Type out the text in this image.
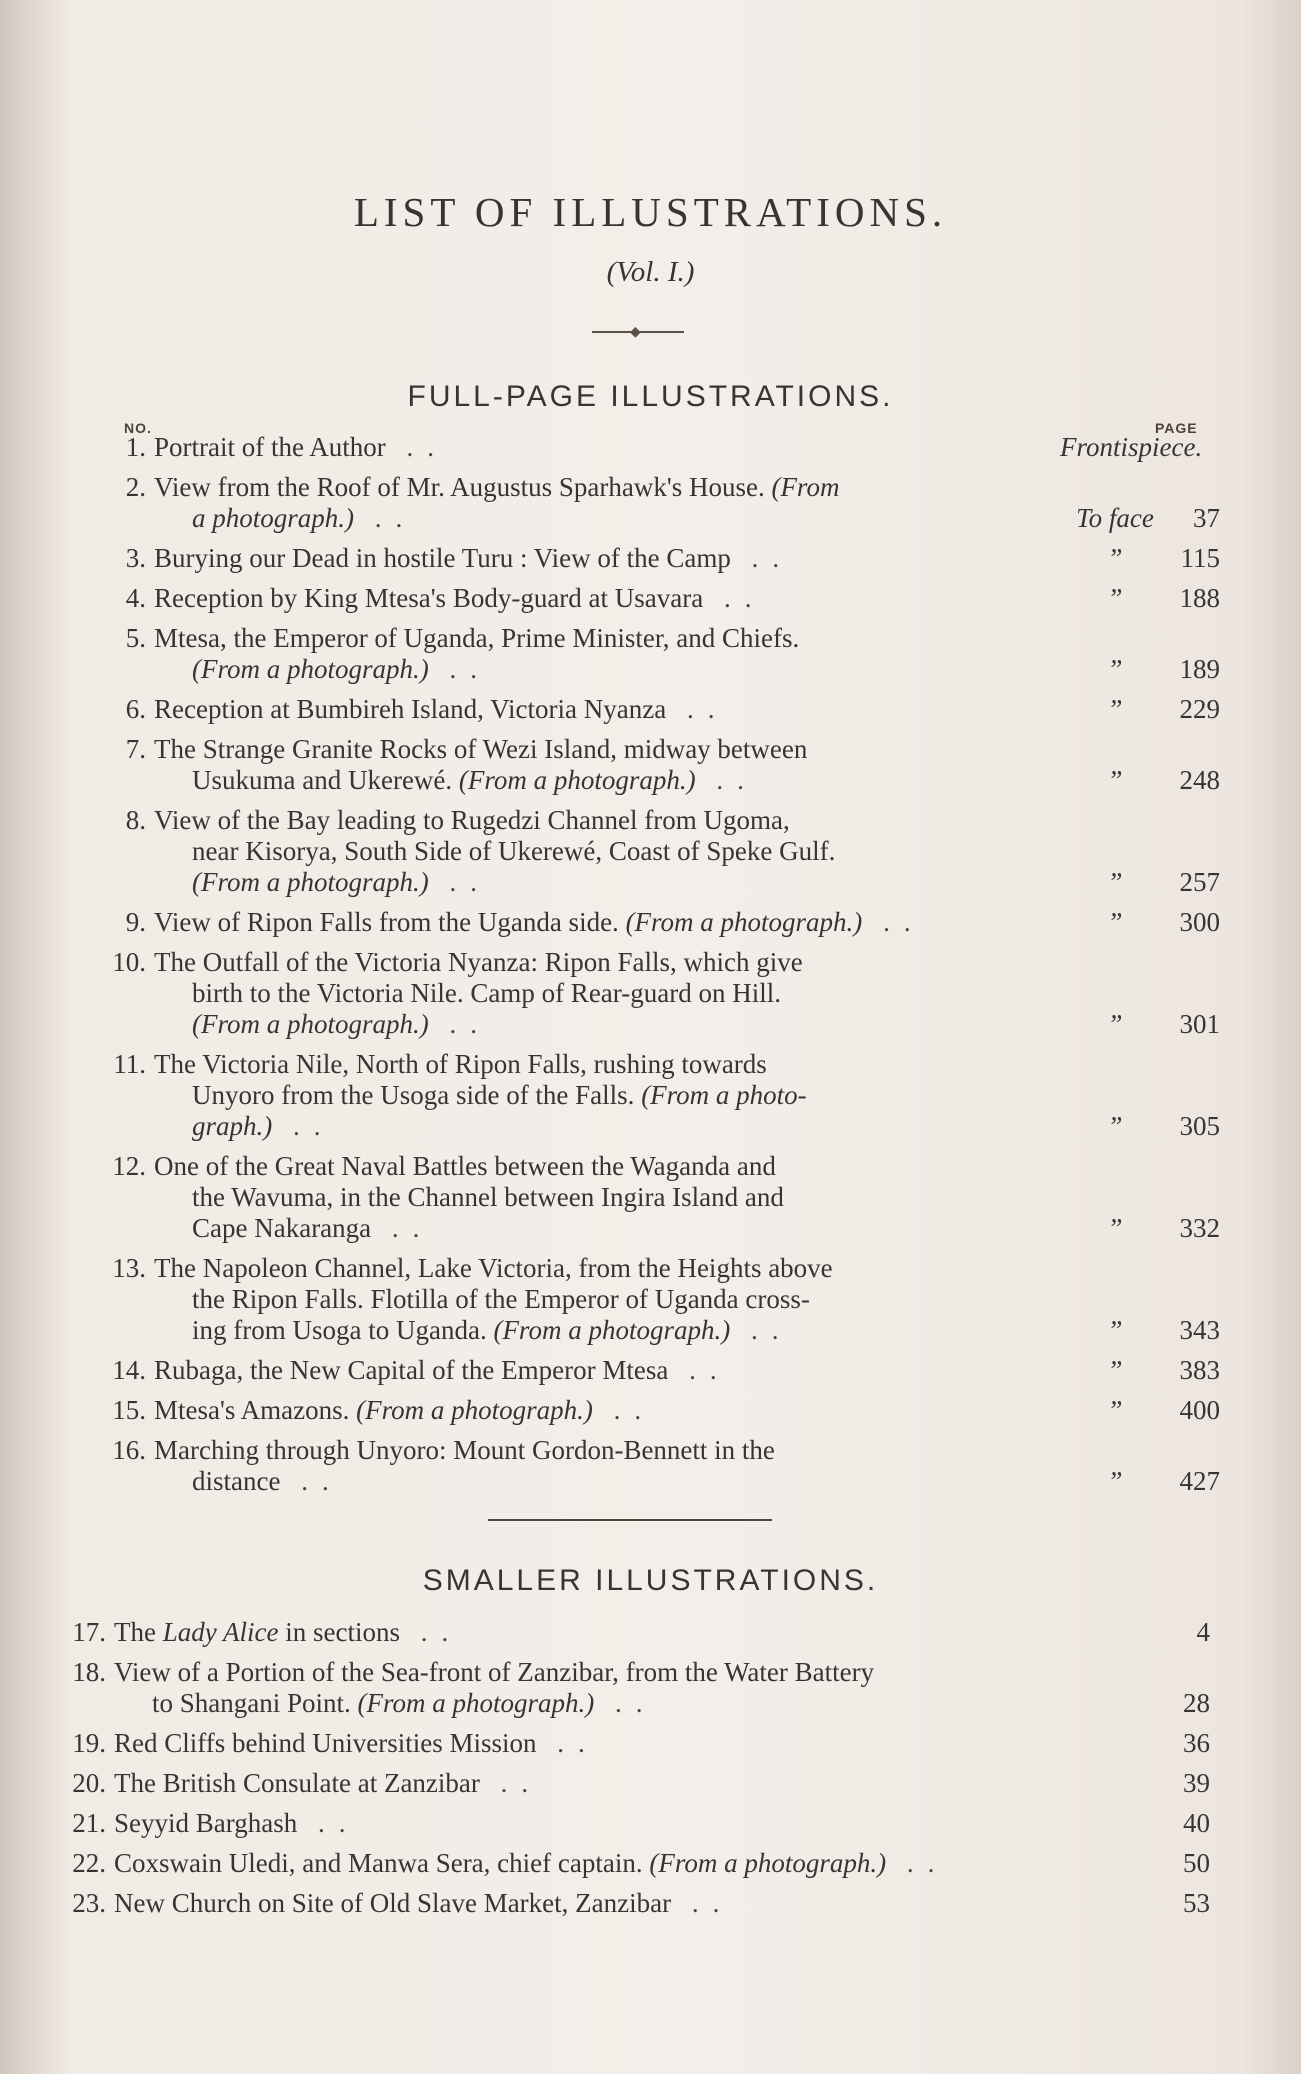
LIST OF ILLUSTRATIONS.
(Vol. I.)
◆
FULL-PAGE ILLUSTRATIONS.
NO.	PAGE
1. Portrait of the Author ..	Frontispiece.
2. View from the Roof of Mr. Augustus Sparhawk's House. (From
a photograph.) ..	To face	37
3. Burying our Dead in hostile Turu : View of the Camp ..	”	115
4. Reception by King Mtesa's Body-guard at Usavara ..	”	188
5. Mtesa, the Emperor of Uganda, Prime Minister, and Chiefs.
(From a photograph.) ..	”	189
6. Reception at Bumbireh Island, Victoria Nyanza ..	”	229
7. The Strange Granite Rocks of Wezi Island, midway between
Usukuma and Ukerewé. (From a photograph.) ..	”	248
8. View of the Bay leading to Rugedzi Channel from Ugoma,
near Kisorya, South Side of Ukerewé, Coast of Speke Gulf.
(From a photograph.) ..	”	257
9. View of Ripon Falls from the Uganda side. (From a photograph.) ..	”	300
10. The Outfall of the Victoria Nyanza: Ripon Falls, which give
birth to the Victoria Nile. Camp of Rear-guard on Hill.
(From a photograph.) ..	”	301
11. The Victoria Nile, North of Ripon Falls, rushing towards
Unyoro from the Usoga side of the Falls. (From a photo-
graph.) ..	”	305
12. One of the Great Naval Battles between the Waganda and
the Wavuma, in the Channel between Ingira Island and
Cape Nakaranga ..	”	332
13. The Napoleon Channel, Lake Victoria, from the Heights above
the Ripon Falls. Flotilla of the Emperor of Uganda cross-
ing from Usoga to Uganda. (From a photograph.) ..	”	343
14. Rubaga, the New Capital of the Emperor Mtesa ..	”	383
15. Mtesa's Amazons. (From a photograph.) ..	”	400
16. Marching through Unyoro: Mount Gordon-Bennett in the
distance ..	”	427
SMALLER ILLUSTRATIONS.
17. The Lady Alice in sections ..	4
18. View of a Portion of the Sea-front of Zanzibar, from the Water Battery
to Shangani Point. (From a photograph.) ..	28
19. Red Cliffs behind Universities Mission ..	36
20. The British Consulate at Zanzibar ..	39
21. Seyyid Barghash ..	40
22. Coxswain Uledi, and Manwa Sera, chief captain. (From a photograph.) ..	50
23. New Church on Site of Old Slave Market, Zanzibar ..	53
